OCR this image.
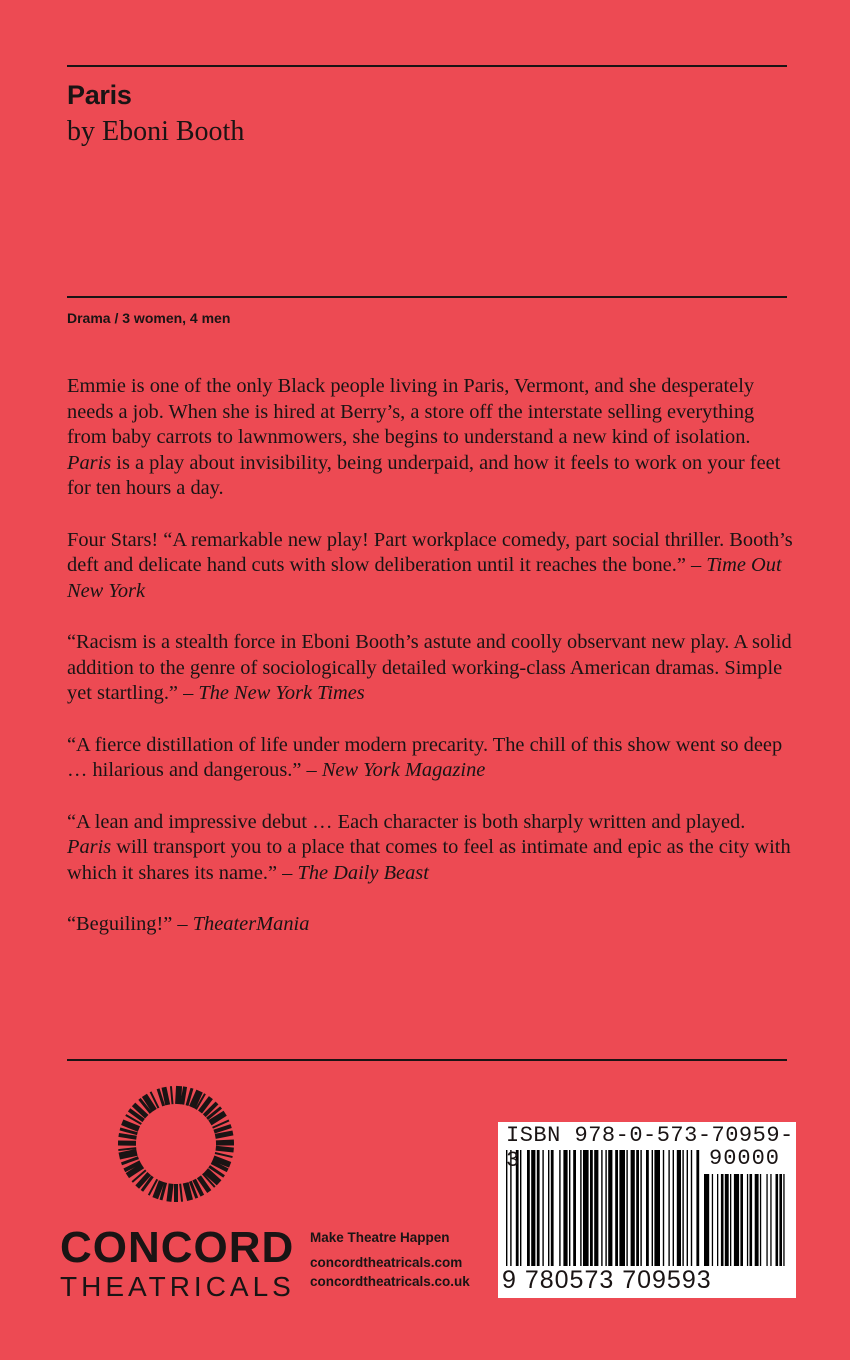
Paris
by Eboni Booth
Drama / 3 women, 4 men

Emmie is one of the only Black people living in Paris, Vermont, and she desperately needs a job. When she is hired at Berry’s, a store off the interstate selling everything from baby carrots to lawnmowers, she begins to understand a new kind of isolation. Paris is a play about invisibility, being underpaid, and how it feels to work on your feet for ten hours a day.

Four Stars! “A remarkable new play! Part workplace comedy, part social thriller. Booth’s deft and delicate hand cuts with slow deliberation until it reaches the bone.” – Time Out New York

“Racism is a stealth force in Eboni Booth’s astute and coolly observant new play. A solid addition to the genre of sociologically detailed working-class American dramas. Simple yet startling.” – The New York Times

“A fierce distillation of life under modern precarity. The chill of this show went so deep … hilarious and dangerous.” – New York Magazine

“A lean and impressive debut … Each character is both sharply written and played. Paris will transport you to a place that comes to feel as intimate and epic as the city with which it shares its name.” – The Daily Beast

“Beguiling!” – TheaterMania

CONCORD
THEATRICALS
Make Theatre Happen
concordtheatricals.com
concordtheatricals.co.uk
ISBN 978-0-573-70959-3	90000
9 780573 709593
